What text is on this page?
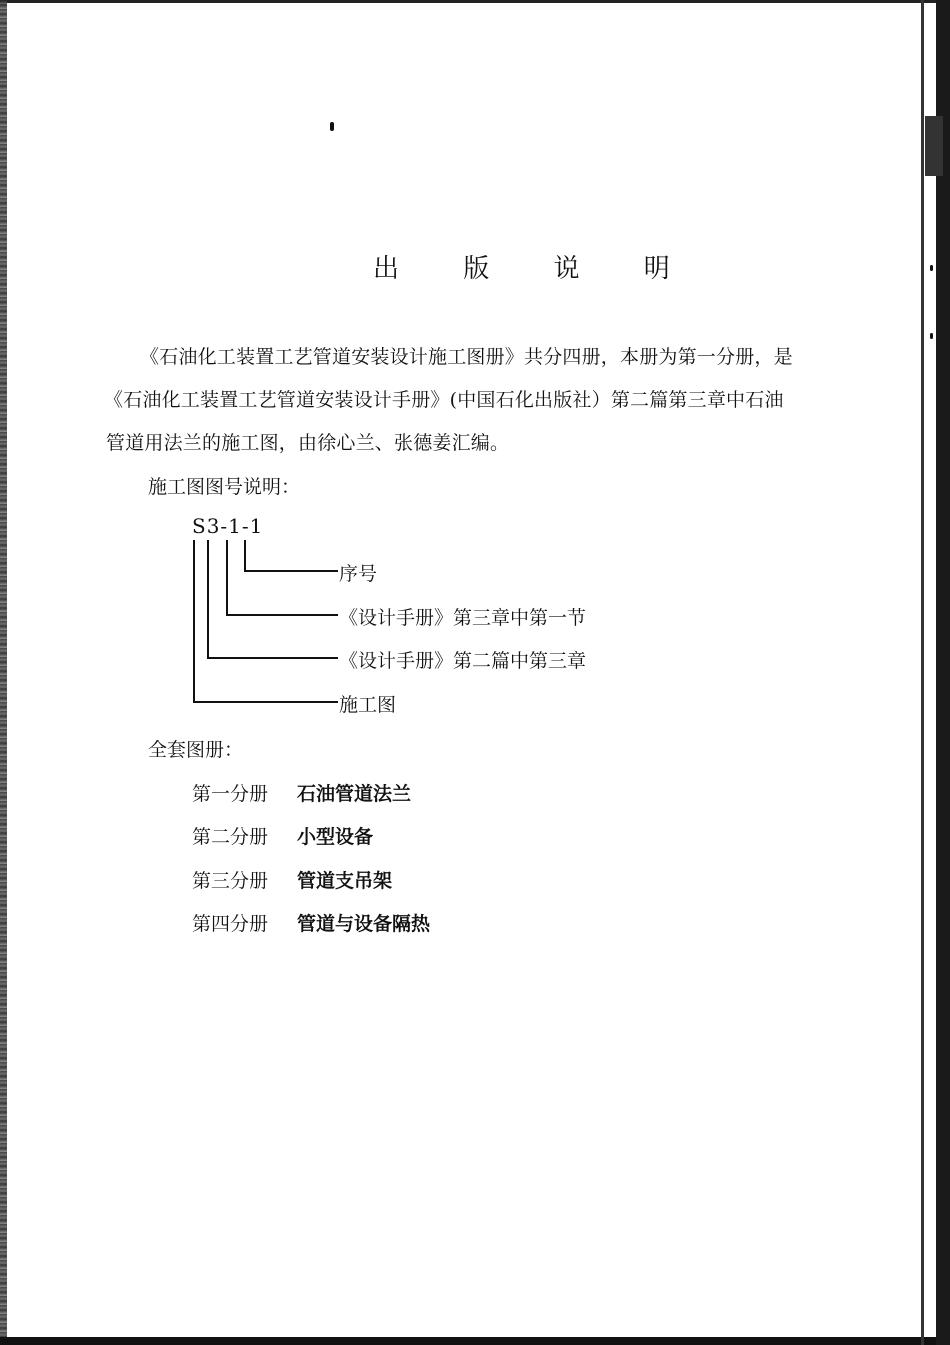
出 版 说 明
《石油化工装置工艺管道安装设计施工图册》共分四册，本册为第一分册，是
《石油化工装置工艺管道安装设计手册》(中国石化出版社）第二篇第三章中石油
管道用法兰的施工图，由徐心兰、张德姜汇编。
施工图图号说明：
S3-1-1
序号
《设计手册》第三章中第一节
《设计手册》第二篇中第三章
施工图
全套图册：
第一分册 石油管道法兰
第二分册 小型设备
第三分册 管道支吊架
第四分册 管道与设备隔热
